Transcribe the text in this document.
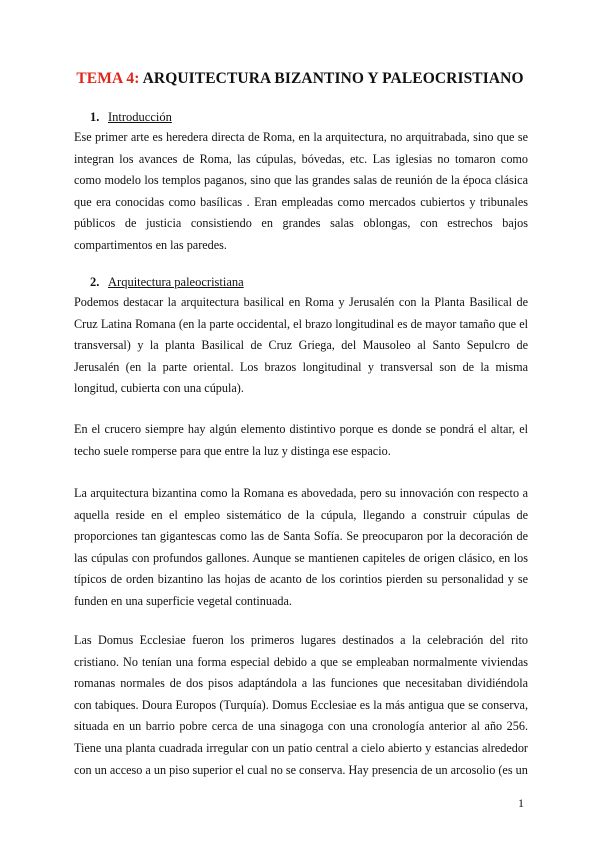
TEMA 4: ARQUITECTURA BIZANTINO Y PALEOCRISTIANO
1. Introducción
Ese primer arte es heredera directa de Roma, en la arquitectura, no arquitrabada, sino que se integran los avances de Roma, las cúpulas, bóvedas, etc. Las iglesias no tomaron como como modelo los templos paganos, sino que las grandes salas de reunión de la época clásica que era conocidas como basílicas . Eran empleadas como mercados cubiertos y tribunales públicos de justicia consistiendo en grandes salas oblongas, con estrechos bajos compartimentos en las paredes.
2. Arquitectura paleocristiana
Podemos destacar la arquitectura basilical en Roma y Jerusalén con la Planta Basilical de Cruz Latina Romana (en la parte occidental, el brazo longitudinal es de mayor tamaño que el transversal) y la planta Basilical de Cruz Griega, del Mausoleo al Santo Sepulcro de Jerusalén (en la parte oriental. Los brazos longitudinal y transversal son de la misma longitud, cubierta con una cúpula).
En el crucero siempre hay algún elemento distintivo porque es donde se pondrá el altar, el techo suele romperse para que entre la luz y distinga ese espacio.
La arquitectura bizantina como la Romana es abovedada, pero su innovación con respecto a aquella reside en el empleo sistemático de la cúpula, llegando a construir cúpulas de proporciones tan gigantescas como las de Santa Sofía. Se preocuparon por la decoración de las cúpulas con profundos gallones. Aunque se mantienen capiteles de origen clásico, en los típicos de orden bizantino las hojas de acanto de los corintios pierden su personalidad y se funden en una superficie vegetal continuada.
Las Domus Ecclesiae fueron los primeros lugares destinados a la celebración del rito cristiano. No tenían una forma especial debido a que se empleaban normalmente viviendas romanas normales de dos pisos adaptándola a las funciones que necesitaban dividiéndola con tabiques. Doura Europos (Turquía). Domus Ecclesiae es la más antigua que se conserva, situada en un barrio pobre cerca de una sinagoga con una cronología anterior al año 256. Tiene una planta cuadrada irregular con un patio central a cielo abierto y estancias alrededor con un acceso a un piso superior el cual no se conserva. Hay presencia de un arcosolio (es un
1
